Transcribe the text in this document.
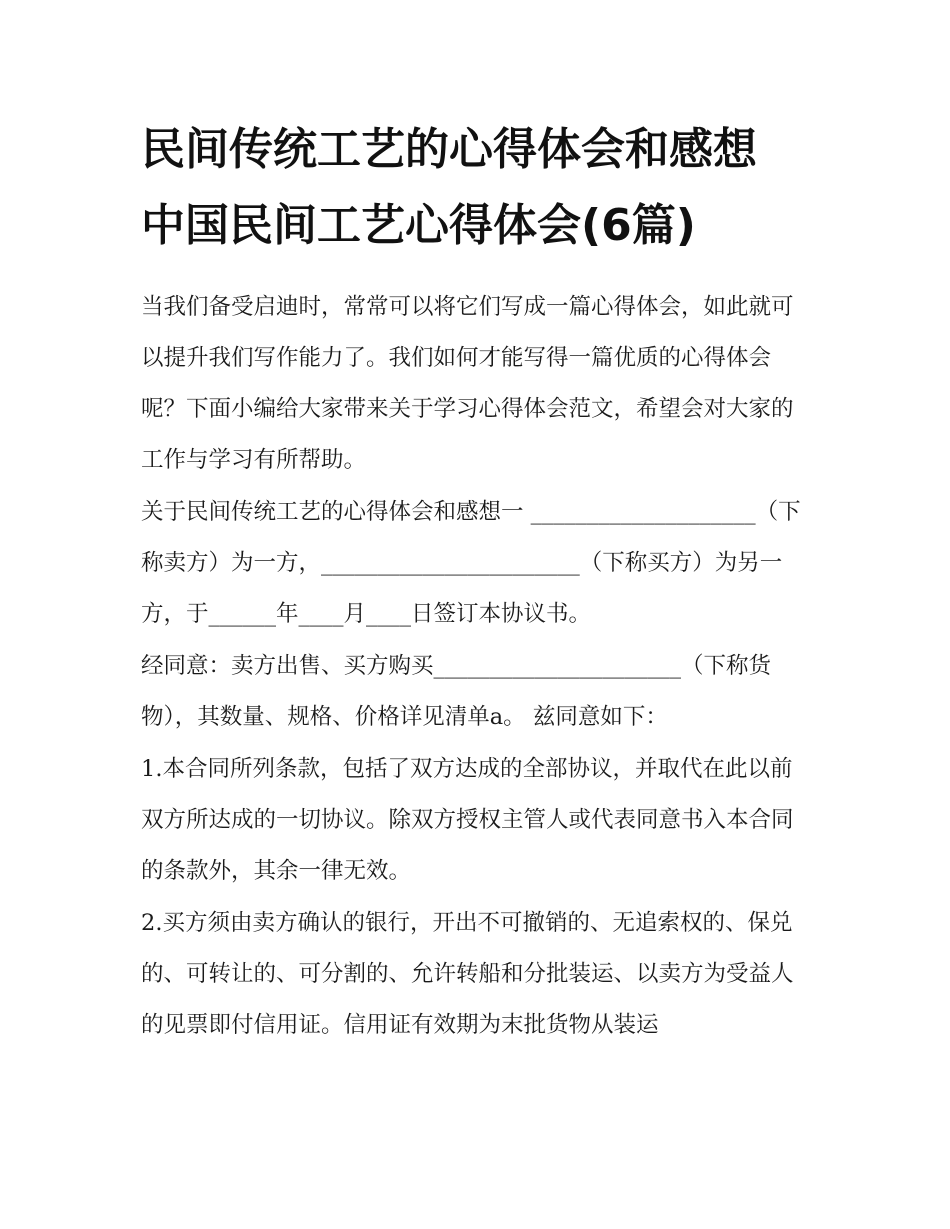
民间传统工艺的心得体会和感想 中国民间工艺心得体会(6篇)

当我们备受启迪时，常常可以将它们写成一篇心得体会，如此就可以提升我们写作能力了。我们如何才能写得一篇优质的心得体会呢？下面小编给大家带来关于学习心得体会范文，希望会对大家的工作与学习有所帮助。

关于民间传统工艺的心得体会和感想一 ____________________（下称卖方）为一方，_______________________（下称买方）为另一方，于______年____月____日签订本协议书。

经同意：卖方出售、买方购买______________________（下称货物），其数量、规格、价格详见清单a。 兹同意如下：

1.本合同所列条款，包括了双方达成的全部协议，并取代在此以前双方所达成的一切协议。除双方授权主管人或代表同意书入本合同的条款外，其余一律无效。

2.买方须由卖方确认的银行，开出不可撤销的、无追索权的、保兑的、可转让的、可分割的、允许转船和分批装运、以卖方为受益人的见票即付信用证。信用证有效期为末批货物从装运
